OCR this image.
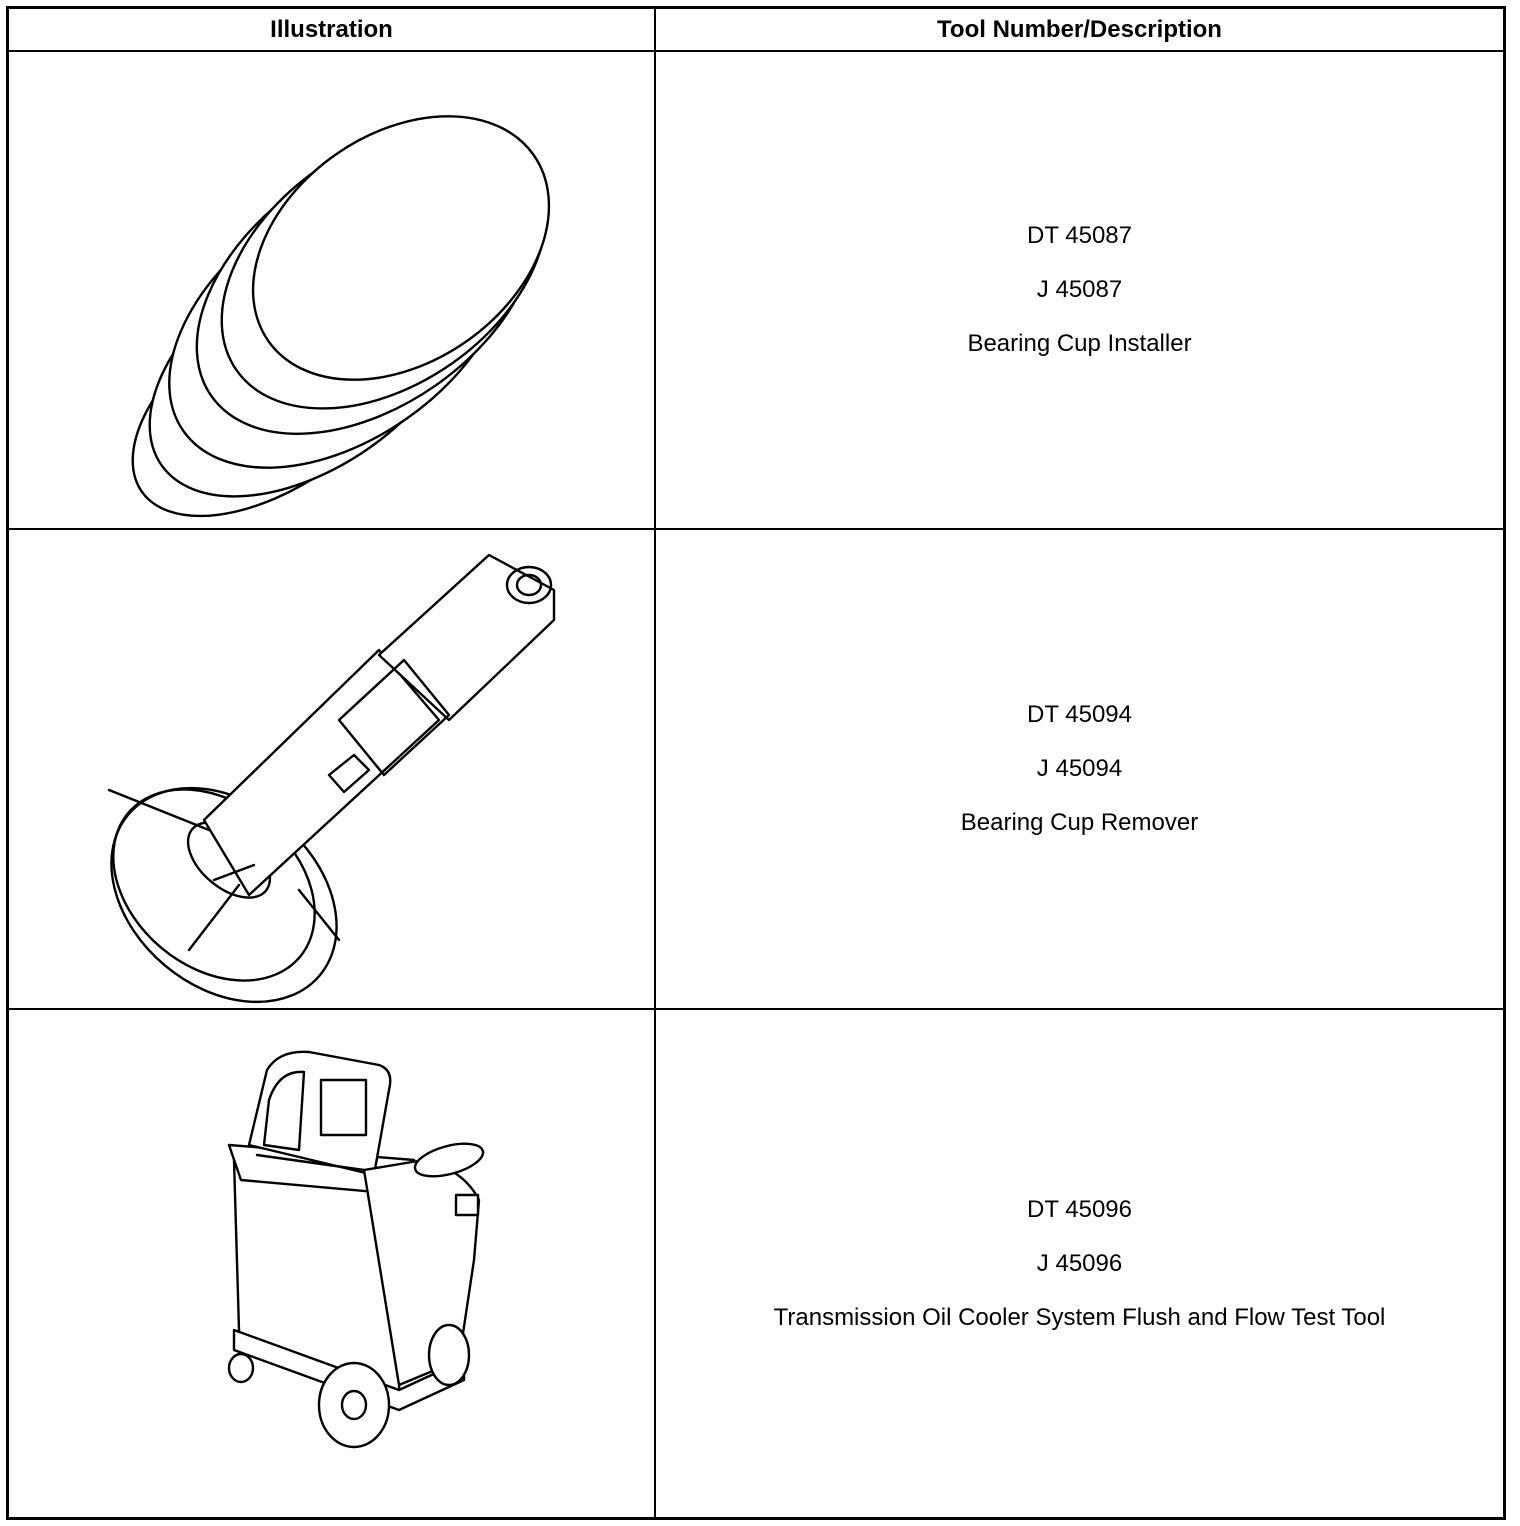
Illustration	Tool Number/Description
DT 45087
J 45087
Bearing Cup Installer
DT 45094
J 45094
Bearing Cup Remover
DT 45096
J 45096
Transmission Oil Cooler System Flush and Flow Test Tool
